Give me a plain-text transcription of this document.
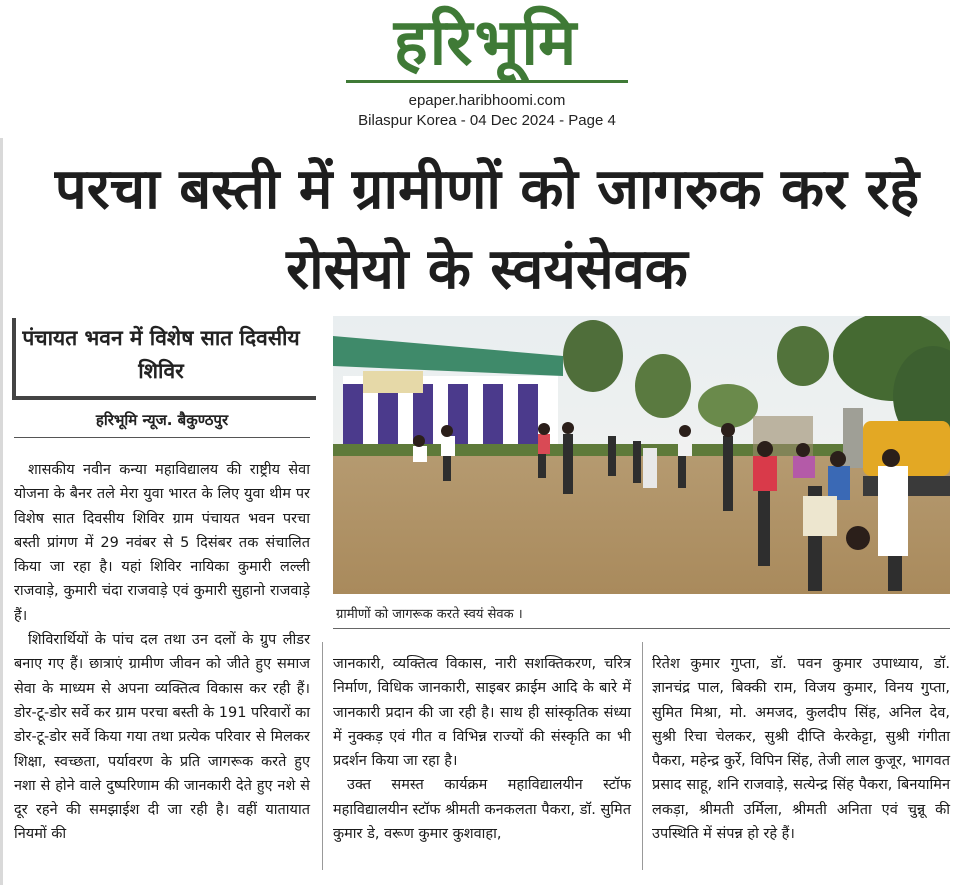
हरिभूमि
epaper.haribhoomi.com
Bilaspur Korea - 04 Dec 2024 - Page 4
परचा बस्ती में ग्रामीणों को जागरुक कर रहे रोसेयो के स्वयंसेवक
पंचायत भवन में विशेष सात दिवसीय शिविर
हरिभूमि न्यूज. बैकुण्ठपुर
ग्रामीणों को जागरूक करते स्वयं सेवक ।

शासकीय नवीन कन्या महाविद्यालय की राष्ट्रीय सेवा योजना के बैनर तले मेरा युवा भारत के लिए युवा थीम पर विशेष सात दिवसीय शिविर ग्राम पंचायत भवन परचा बस्ती प्रांगण में 29 नवंबर से 5 दिसंबर तक संचालित किया जा रहा है। यहां शिविर नायिका कुमारी लल्ली राजवाड़े, कुमारी चंदा राजवाड़े एवं कुमारी सुहानो राजवाड़े हैं।

शिविरार्थियों के पांच दल तथा उन दलों के ग्रुप लीडर बनाए गए हैं। छात्राएं ग्रामीण जीवन को जीते हुए समाज सेवा के माध्यम से अपना व्यक्तित्व विकास कर रही हैं। डोर-टू-डोर सर्वे कर ग्राम परचा बस्ती के 191 परिवारों का डोर-टू-डोर सर्वे किया गया तथा प्रत्येक परिवार से मिलकर शिक्षा, स्वच्छता, पर्यावरण के प्रति जागरूक करते हुए नशा से होने वाले दुष्परिणाम की जानकारी देते हुए नशे से दूर रहने की समझाईश दी जा रही है। वहीं यातायात नियमों की

जानकारी, व्यक्तित्व विकास, नारी सशक्तिकरण, चरित्र निर्माण, विधिक जानकारी, साइबर क्राईम आदि के बारे में जानकारी प्रदान की जा रही है। साथ ही सांस्कृतिक संध्या में नुक्कड़ एवं गीत व विभिन्न राज्यों की संस्कृति का भी प्रदर्शन किया जा रहा है।

उक्त समस्त कार्यक्रम महाविद्यालयीन स्टॉफ महाविद्यालयीन स्टॉफ श्रीमती कनकलता पैकरा, डॉ. सुमित कुमार डे, वरूण कुमार कुशवाहा,

रितेश कुमार गुप्ता, डॉ. पवन कुमार उपाध्याय, डॉ. ज्ञानचंद्र पाल, बिक्की राम, विजय कुमार, विनय गुप्ता, सुमित मिश्रा, मो. अमजद, कुलदीप सिंह, अनिल देव, सुश्री रिचा चेलकर, सुश्री दीप्ति केरकेट्टा, सुश्री गंगीता पैकरा, महेन्द्र कुर्रे, विपिन सिंह, तेजी लाल कुजूर, भागवत प्रसाद साहू, शनि राजवाड़े, सत्येन्द्र सिंह पैकरा, बिनयामिन लकड़ा, श्रीमती उर्मिला, श्रीमती अनिता एवं चुन्नू की उपस्थिति में संपन्न हो रहे हैं।
